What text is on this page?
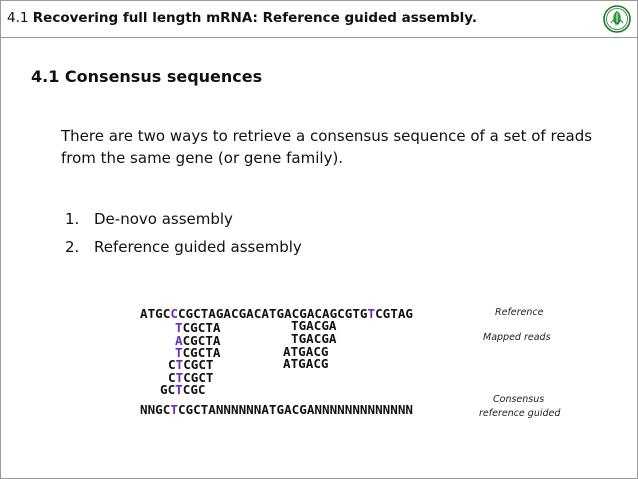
4.1 Recovering full length mRNA: Reference guided assembly.
4.1 Consensus sequences
There are two ways to retrieve a consensus sequence of a set of reads from the same gene (or gene family).
1. De-novo assembly
2. Reference guided assembly
ATGCCCGCTAGACGACATGACGACAGCGTGTCGTAG
TCGCTA
ACGCTA
TCGCTA
CTCGCT
CTCGCT
GCTCGC
TGACGA
TGACGA
ATGACG
ATGACG
NNGCTCGCTANNNNNNATGACGANNNNNNNNNNNNN
Reference
Mapped reads
Consensus
reference guided
